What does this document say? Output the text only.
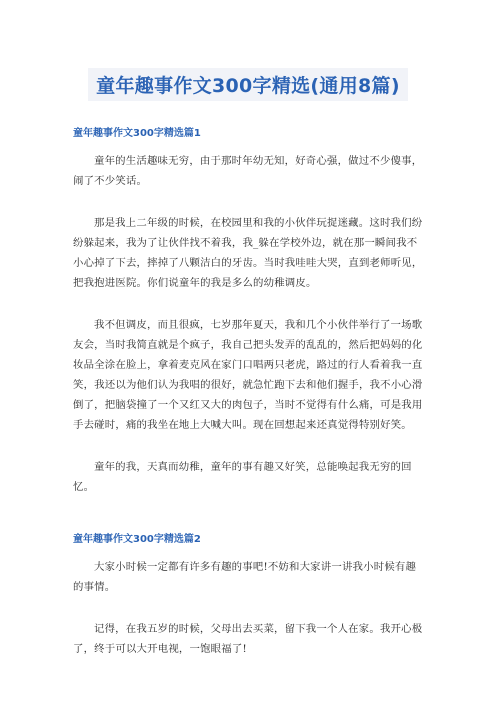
童年趣事作文300字精选(通用8篇)
童年趣事作文300字精选篇1

童年的生活趣味无穷，由于那时年幼无知，好奇心强，做过不少傻事，闹了不少笑话。

那是我上二年级的时候，在校园里和我的小伙伴玩捉迷藏。这时我们纷纷躲起来，我为了让伙伴找不着我，我_躲在学校外边，就在那一瞬间我不小心掉了下去，摔掉了八颗洁白的牙齿。当时我哇哇大哭，直到老师听见，把我抱进医院。你们说童年的我是多么的幼稚调皮。

我不但调皮，而且很疯，七岁那年夏天，我和几个小伙伴举行了一场歌友会，当时我简直就是个疯子，我自己把头发弄的乱乱的，然后把妈妈的化妆品全涂在脸上，拿着麦克风在家门口唱两只老虎，路过的行人看着我一直笑，我还以为他们认为我唱的很好，就急忙跑下去和他们握手，我不小心滑倒了，把脑袋撞了一个又红又大的肉包子，当时不觉得有什么痛，可是我用手去碰时，痛的我坐在地上大喊大叫。现在回想起来还真觉得特别好笑。

童年的我，天真而幼稚，童年的事有趣又好笑，总能唤起我无穷的回忆。

童年趣事作文300字精选篇2

大家小时候一定都有许多有趣的事吧!不妨和大家讲一讲我小时候有趣的事情。

记得，在我五岁的时候，父母出去买菜，留下我一个人在家。我开心极了，终于可以大开电视，一饱眼福了!
